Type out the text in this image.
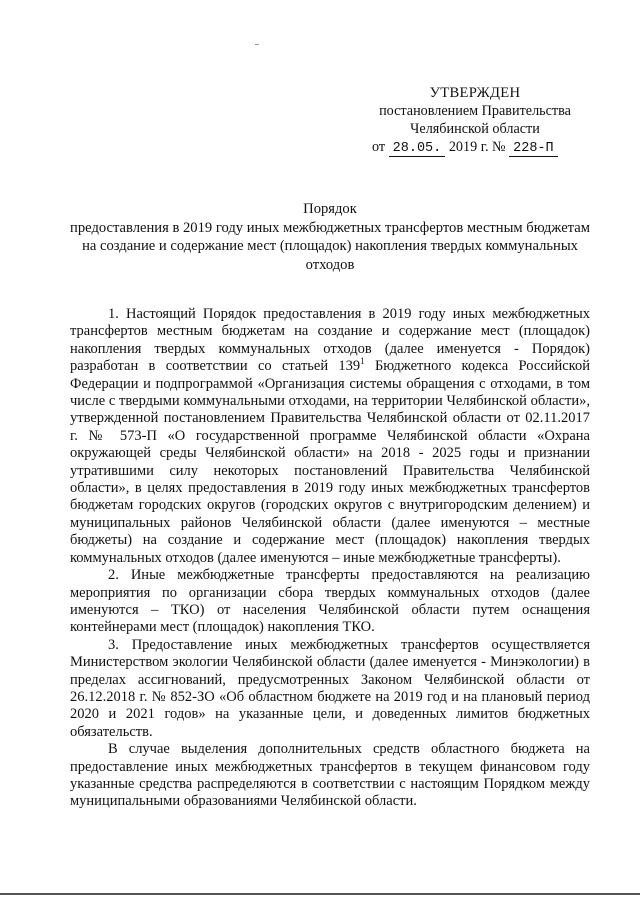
УТВЕРЖДЕН
постановлением Правительства
Челябинской области
от 28.05. 2019 г. № 228-П
Порядок
предоставления в 2019 году иных межбюджетных трансфертов местным бюджетам на создание и содержание мест (площадок) накопления твердых коммунальных отходов

1. Настоящий Порядок предоставления в 2019 году иных межбюджетных трансфертов местным бюджетам на создание и содержание мест (площадок) накопления твердых коммунальных отходов (далее именуется - Порядок) разработан в соответствии со статьей $139^1$ Бюджетного кодекса Российской Федерации и подпрограммой «Организация системы обращения с отходами, в том числе с твердыми коммунальными отходами, на территории Челябинской области», утвержденной постановлением Правительства Челябинской области от 02.11.2017 г. № 573-П «О государственной программе Челябинской области «Охрана окружающей среды Челябинской области» на 2018 - 2025 годы и признании утратившими силу некоторых постановлений Правительства Челябинской области», в целях предоставления в 2019 году иных межбюджетных трансфертов бюджетам городских округов (городских округов с внутригородским делением) и муниципальных районов Челябинской области (далее именуются – местные бюджеты) на создание и содержание мест (площадок) накопления твердых коммунальных отходов (далее именуются – иные межбюджетные трансферты).

2. Иные межбюджетные трансферты предоставляются на реализацию мероприятия по организации сбора твердых коммунальных отходов (далее именуются – ТКО) от населения Челябинской области путем оснащения контейнерами мест (площадок) накопления ТКО.

3. Предоставление иных межбюджетных трансфертов осуществляется Министерством экологии Челябинской области (далее именуется - Минэкологии) в пределах ассигнований, предусмотренных Законом Челябинской области от 26.12.2018 г. № 852-ЗО «Об областном бюджете на 2019 год и на плановый период 2020 и 2021 годов» на указанные цели, и доведенных лимитов бюджетных обязательств.

В случае выделения дополнительных средств областного бюджета на предоставление иных межбюджетных трансфертов в текущем финансовом году указанные средства распределяются в соответствии с настоящим Порядком между муниципальными образованиями Челябинской области.
